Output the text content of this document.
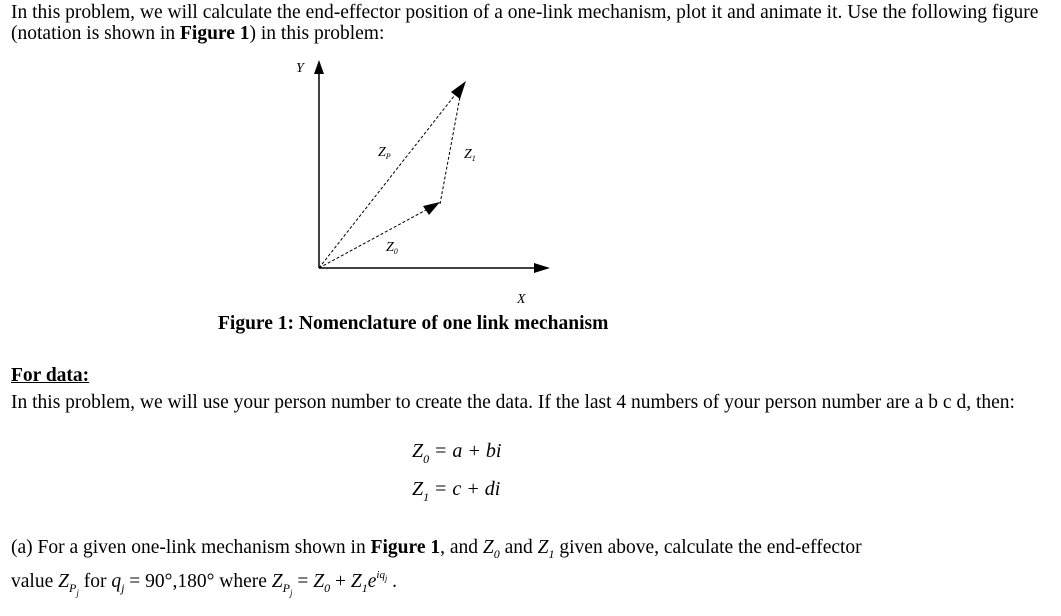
In this problem, we will calculate the end-effector position of a one-link mechanism, plot it and animate it. Use the following figure (notation is shown in Figure 1) in this problem:

Y
X
$Z_P$	$Z_1$
$Z_0$
Figure 1: Nomenclature of one link mechanism

For data:

In this problem, we will use your person number to create the data. If the last 4 numbers of your person number are a b c d, then:

$Z_0 = a$ + bi
$Z_1 = c$ + di
(a) For a given one-link mechanism shown in Figure 1, and $Z_0$ and $Z_1$ given above, calculate the end-effector
value $Z_{Pj}$ for $q_j = 90^\circ,180^\circ$ where $Z_{Pj} = Z_0 + Z_1e^{iqj}$ .
